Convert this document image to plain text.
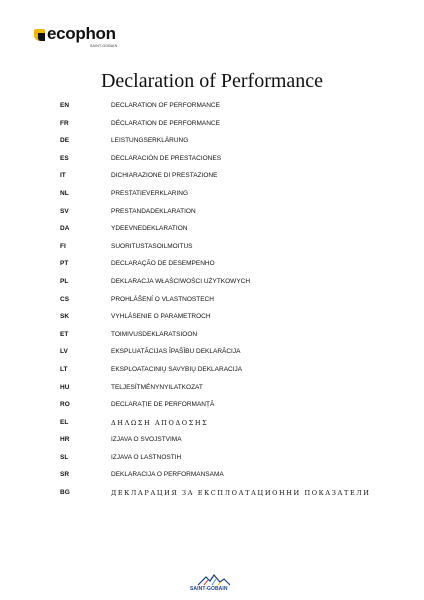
ecophon
SAINT-GOBAIN
Declaration of Performance
EN	DECLARATION OF PERFORMANCE
FR	DÉCLARATION DE PERFORMANCE
DE	LEISTUNGSERKLÄRUNG
ES	DECLARACIÓN DE PRESTACIONES
IT	DICHIARAZIONE DI PRESTAZIONE
NL	PRESTATIEVERKLARING
SV	PRESTANDADEKLARATION
DA	YDEEVNEDEKLARATION
FI	SUORITUSTASOILMOITUS
PT	DECLARAÇÃO DE DESEMPENHO
PL	DEKLARACJA WŁAŚCIWOŚCI UŻYTKOWYCH
CS	PROHLÁŠENÍ O VLASTNOSTECH
SK	VYHLÁSENIE O PARAMETROCH
ET	TOIMIVUSDEKLARATSIOON
LV	EKSPLUATĀCIJAS ĪPAŠĪBU DEKLARĀCIJA
LT	EKSPLOATACINIŲ SAVYBIŲ DEKLARACIJA
HU	TELJESÍTMÉNYNYILATKOZAT
RO	DECLARAȚIE DE PERFORMANȚĂ
EL	ΔΗΛΩΣΗ ΑΠΟΔΟΣΗΣ
HR	IZJAVA O SVOJSTVIMA
SL	IZJAVA O LASTNOSTIH
SR	DEKLARACIJA O PERFORMANSAMA
BG	ДЕКЛАРАЦИЯ ЗА ЕКСПЛОАТАЦИОННИ ПОКАЗАТЕЛИ
SAINT-GOBAIN
